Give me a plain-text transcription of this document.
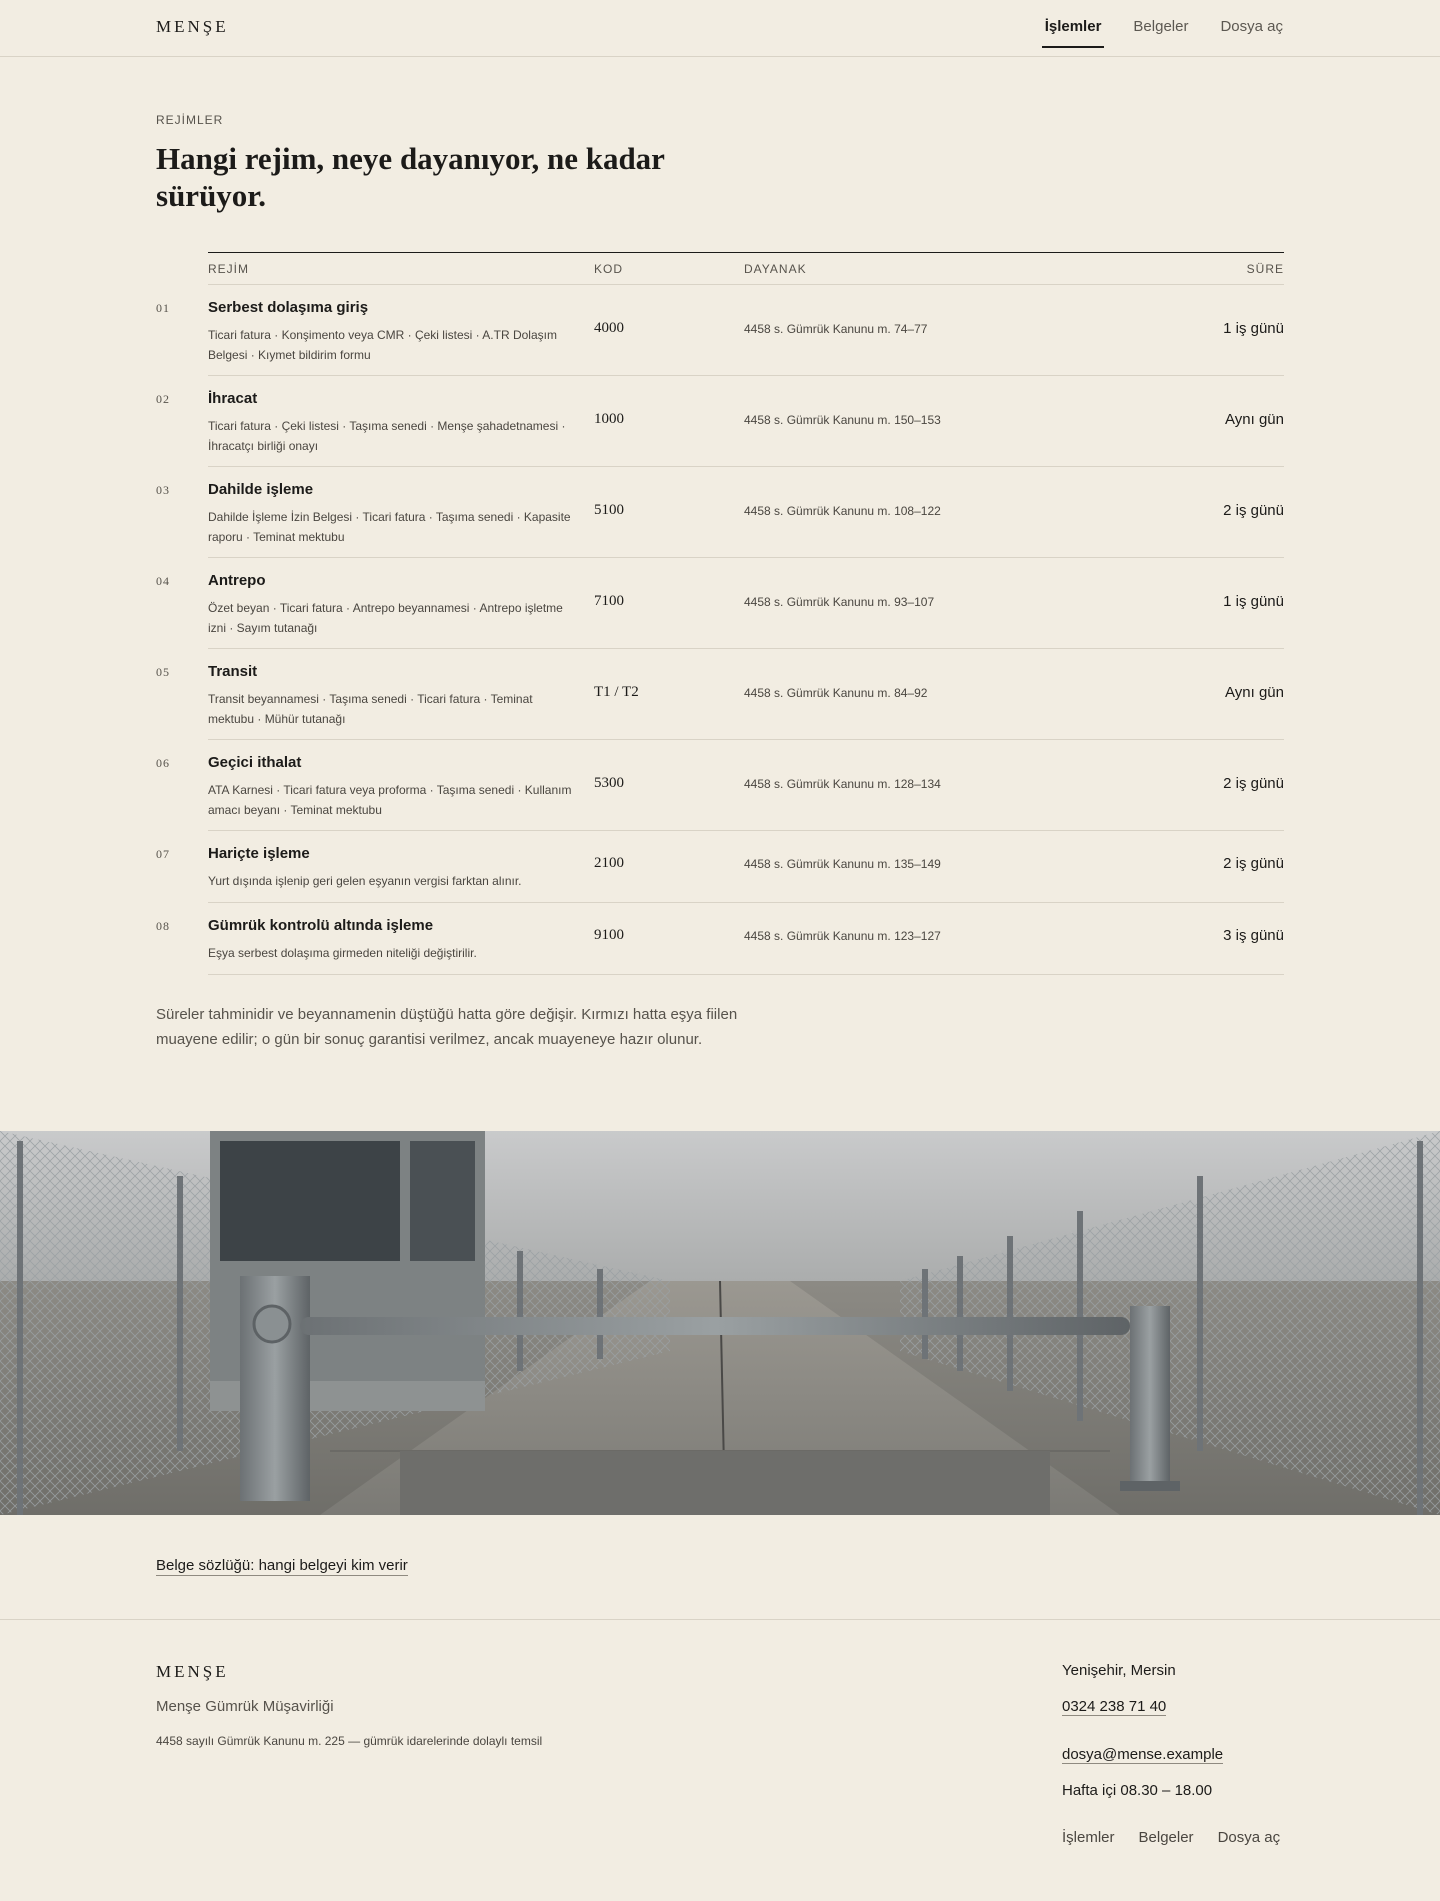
MENŞE	İşlemler Belgeler Dosya aç
REJİMLER
Hangi rejim, neye dayanıyor, ne kadar sürüyor.
REJİM	KOD	DAYANAK	SÜRE
01	Serbest dolaşıma giriş
Ticari fatura · Konşimento veya CMR · Çeki listesi · A.TR Dolaşım Belgesi · Kıymet bildirim formu
4000	4458 s. Gümrük Kanunu m. 74–77	1 iş günü
02	İhracat
Ticari fatura · Çeki listesi · Taşıma senedi · Menşe şahadetnamesi · İhracatçı birliği onayı
1000	4458 s. Gümrük Kanunu m. 150–153	Aynı gün
03	Dahilde işleme
Dahilde İşleme İzin Belgesi · Ticari fatura · Taşıma senedi · Kapasite raporu · Teminat mektubu
5100	4458 s. Gümrük Kanunu m. 108–122	2 iş günü
04	Antrepo
Özet beyan · Ticari fatura · Antrepo beyannamesi · Antrepo işletme izni · Sayım tutanağı
7100	4458 s. Gümrük Kanunu m. 93–107	1 iş günü
05	Transit
Transit beyannamesi · Taşıma senedi · Ticari fatura · Teminat mektubu · Mühür tutanağı
T1 / T2	4458 s. Gümrük Kanunu m. 84–92	Aynı gün
06	Geçici ithalat
ATA Karnesi · Ticari fatura veya proforma · Taşıma senedi · Kullanım amacı beyanı · Teminat mektubu
5300	4458 s. Gümrük Kanunu m. 128–134	2 iş günü
07	Hariçte işleme
Yurt dışında işlenip geri gelen eşyanın vergisi farktan alınır.
2100	4458 s. Gümrük Kanunu m. 135–149	2 iş günü
08	Gümrük kontrolü altında işleme
Eşya serbest dolaşıma girmeden niteliği değiştirilir.
9100	4458 s. Gümrük Kanunu m. 123–127	3 iş günü

Süreler tahminidir ve beyannamenin düştüğü hatta göre değişir. Kırmızı hatta eşya fiilen muayene edilir; o gün bir sonuç garantisi verilmez, ancak muayeneye hazır olunur.

Belge sözlüğü: hangi belgeyi kim verir
MENŞE
Menşe Gümrük Müşavirliği
4458 sayılı Gümrük Kanunu m. 225 — gümrük idarelerinde dolaylı temsil
Yenişehir, Mersin
0324 238 71 40
dosya@mense.example
Hafta içi 08.30 – 18.00
İşlemler Belgeler Dosya aç
